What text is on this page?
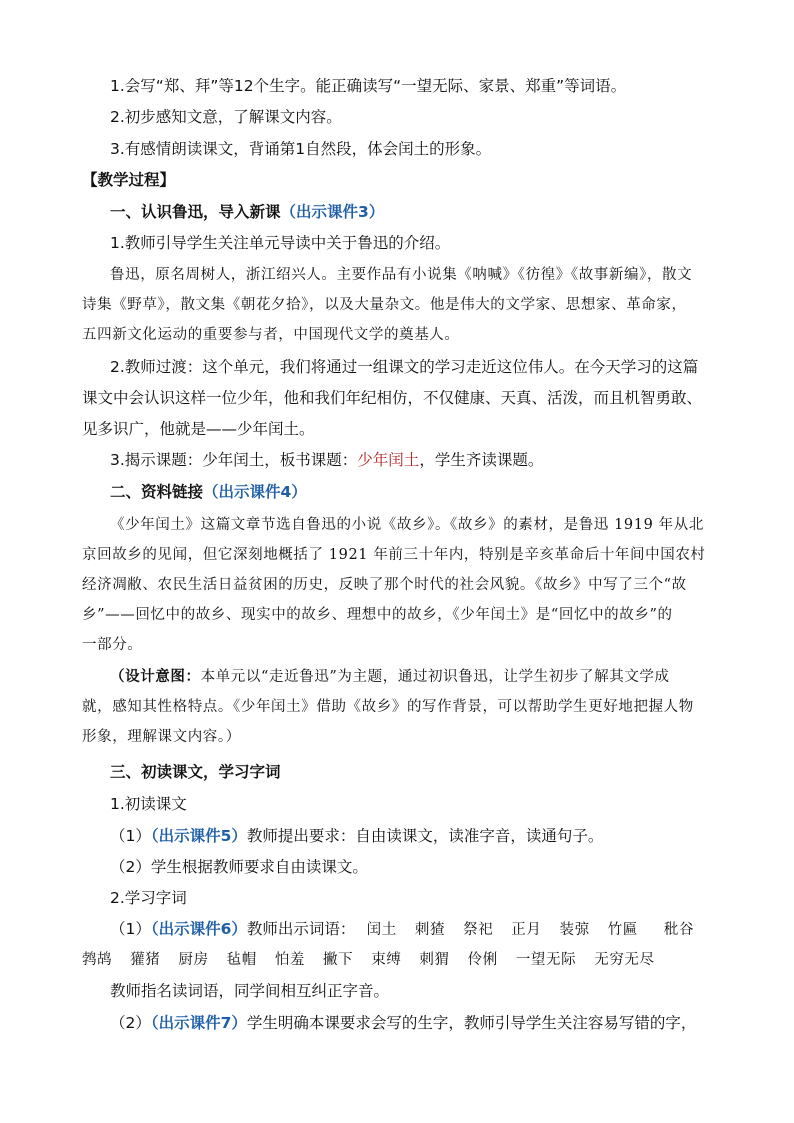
1.会写“郑、拜”等12个生字。能正确读写“一望无际、家景、郑重”等词语。
2.初步感知文意，了解课文内容。
3.有感情朗读课文，背诵第1自然段，体会闰土的形象。
【教学过程】
一、认识鲁迅，导入新课（出示课件3）
1.教师引导学生关注单元导读中关于鲁迅的介绍。
鲁迅，原名周树人，浙江绍兴人。主要作品有小说集《呐喊》《彷徨》《故事新编》，散文
诗集《野草》，散文集《朝花夕拾》，以及大量杂文。他是伟大的文学家、思想家、革命家，
五四新文化运动的重要参与者，中国现代文学的奠基人。
2.教师过渡：这个单元，我们将通过一组课文的学习走近这位伟人。在今天学习的这篇
课文中会认识这样一位少年，他和我们年纪相仿，不仅健康、天真、活泼，而且机智勇敢、
见多识广，他就是——少年闰土。
3.揭示课题：少年闰土，板书课题：少年闰土，学生齐读课题。
二、资料链接（出示课件4）
《少年闰土》这篇文章节选自鲁迅的小说《故乡》。《故乡》的素材，是鲁迅 1919 年从北
京回故乡的见闻，但它深刻地概括了 1921 年前三十年内，特别是辛亥革命后十年间中国农村
经济凋敝、农民生活日益贫困的历史，反映了那个时代的社会风貌。《故乡》中写了三个“故
乡”——回忆中的故乡、现实中的故乡、理想中的故乡，《少年闰土》是“回忆中的故乡”的
一部分。
（设计意图：本单元以“走近鲁迅”为主题，通过初识鲁迅，让学生初步了解其文学成
就，感知其性格特点。《少年闰土》借助《故乡》的写作背景，可以帮助学生更好地把握人物
形象，理解课文内容。）
三、初读课文，学习字词
1.初读课文
（1）（出示课件5）教师提出要求：自由读课文，读准字音，读通句子。
（2）学生根据教师要求自由读课文。
2.学习字词
（1）（出示课件6）教师出示词语： 闰土 刺猹 祭祀 正月 装弶 竹匾 秕谷
鹁鸪 獾猪 厨房 毡帽 怕羞 撇下 束缚 刺猬 伶俐 一望无际 无穷无尽
教师指名读词语，同学间相互纠正字音。
（2）（出示课件7）学生明确本课要求会写的生字，教师引导学生关注容易写错的字，
